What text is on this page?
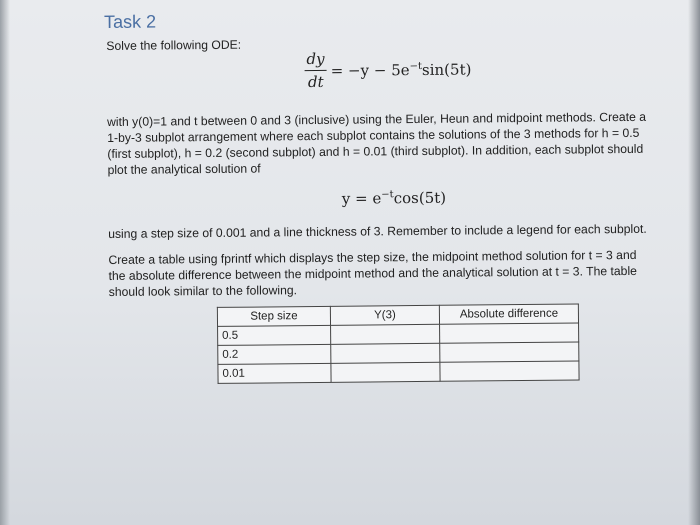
Task 2
Solve the following ODE:
$\frac{dy}{dt} = -y - 5e^{-t}\sin(5t)$
with y(0)=1 and t between 0 and 3 (inclusive) using the Euler, Heun and midpoint methods. Create a
1-by-3 subplot arrangement where each subplot contains the solutions of the 3 methods for h = 0.5
(first subplot), h = 0.2 (second subplot) and h = 0.01 (third subplot). In addition, each subplot should
plot the analytical solution of
$y = e^{-t}\cos(5t)$
using a step size of 0.001 and a line thickness of 3. Remember to include a legend for each subplot.
Create a table using fprintf which displays the step size, the midpoint method solution for t = 3 and
the absolute difference between the midpoint method and the analytical solution at t = 3. The table
should look similar to the following.
Step size	Y(3)	Absolute difference
0.5		
0.2		
0.01		
